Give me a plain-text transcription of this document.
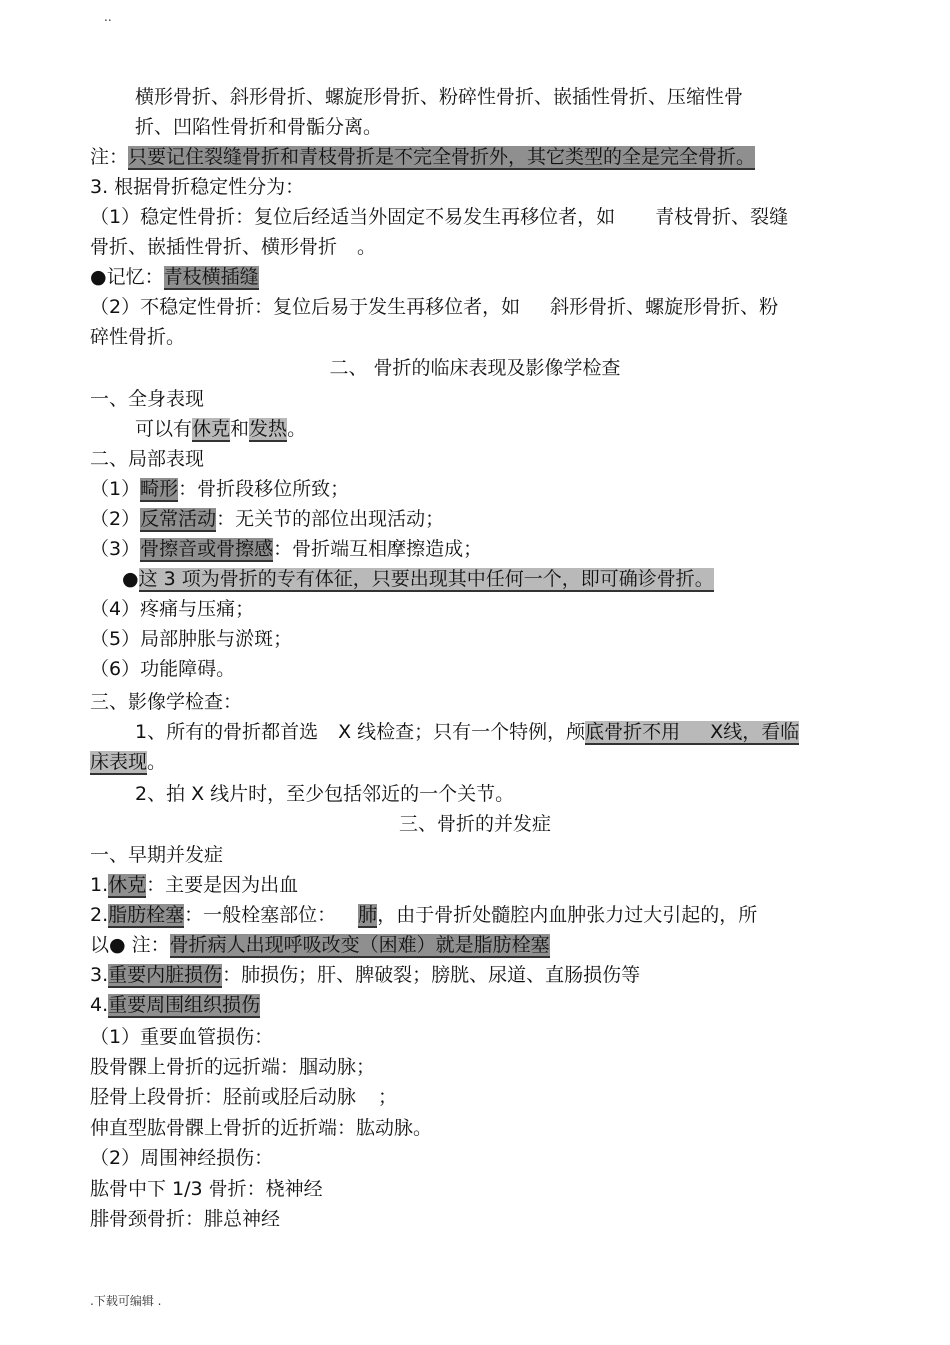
..
横形骨折、斜形骨折、螺旋形骨折、粉碎性骨折、嵌插性骨折、压缩性骨
折、凹陷性骨折和骨骺分离。
注：只要记住裂缝骨折和青枝骨折是不完全骨折外，其它类型的全是完全骨折。
3. 根据骨折稳定性分为：
（1）稳定性骨折：复位后经适当外固定不易发生再移位者，如 青枝骨折、裂缝
骨折、嵌插性骨折、横形骨折 。
●记忆：青枝横插缝
（2）不稳定性骨折：复位后易于发生再移位者，如 斜形骨折、螺旋形骨折、粉
碎性骨折。
二、 骨折的临床表现及影像学检查
一、全身表现
可以有休克和发热。
二、局部表现
（1）畸形：骨折段移位所致；
（2）反常活动：无关节的部位出现活动；
（3）骨擦音或骨擦感：骨折端互相摩擦造成；
●这 3 项为骨折的专有体征，只要出现其中任何一个，即可确诊骨折。
（4）疼痛与压痛；
（5）局部肿胀与淤斑；
（6）功能障碍。
三、影像学检查：
1、所有的骨折都首选 X 线检查；只有一个特例，颅底骨折不用 X线，看临
床表现。
2、拍 X 线片时，至少包括邻近的一个关节。
三、骨折的并发症
一、早期并发症
1.休克：主要是因为出血
2.脂肪栓塞：一般栓塞部位： 肺，由于骨折处髓腔内血肿张力过大引起的，所
以● 注：骨折病人出现呼吸改变（困难）就是脂肪栓塞
3.重要内脏损伤：肺损伤；肝、脾破裂；膀胱、尿道、直肠损伤等
4.重要周围组织损伤
（1）重要血管损伤：
股骨髁上骨折的远折端：腘动脉；
胫骨上段骨折：胫前或胫后动脉 ；
伸直型肱骨髁上骨折的近折端：肱动脉。
（2）周围神经损伤：
肱骨中下 1/3 骨折：桡神经
腓骨颈骨折：腓总神经
.下载可编辑 .
